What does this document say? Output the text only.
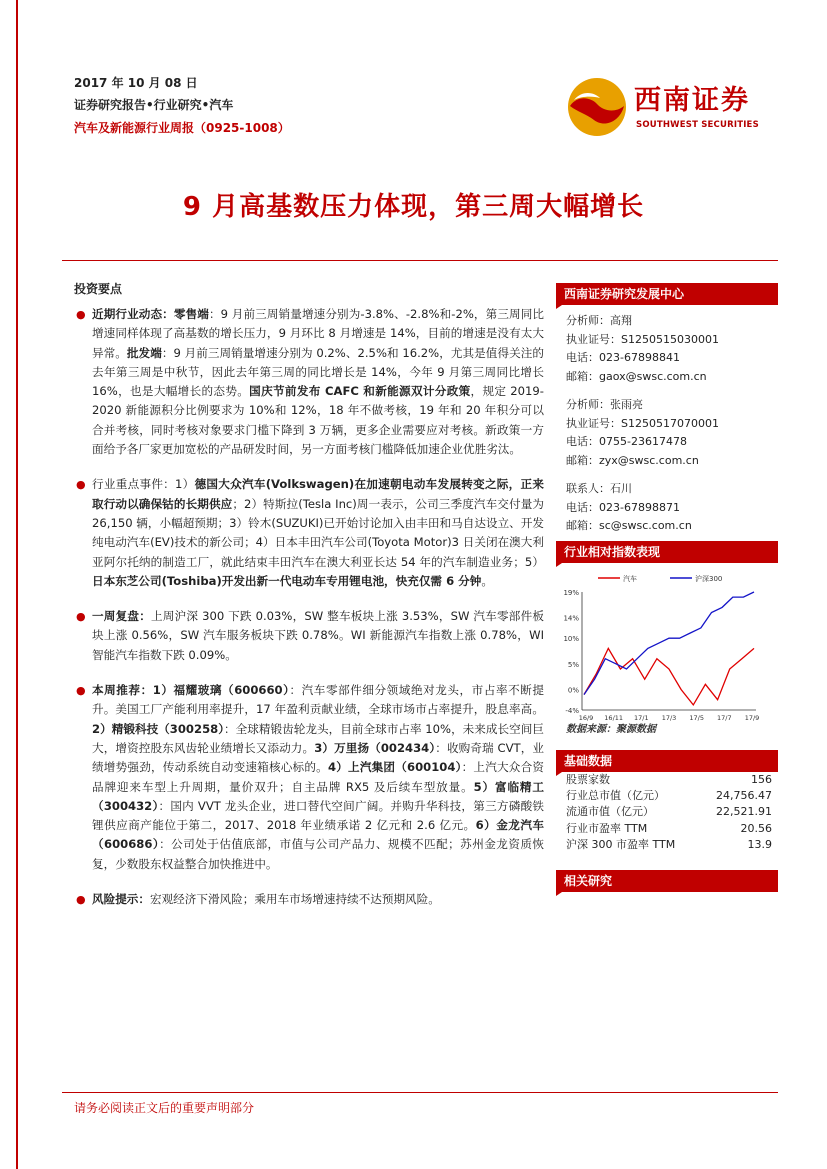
2017 年 10 月 08 日
证券研究报告•行业研究•汽车
汽车及新能源行业周报（0925-1008）
西南证券
SOUTHWEST SECURITIES
9 月高基数压力体现，第三周大幅增长
投资要点
● 近期行业动态：零售端：9 月前三周销量增速分别为-3.8%、-2.8%和-2%，第三周同比增速同样体现了高基数的增长压力，9 月环比 8 月增速是 14%，目前的增速是没有太大异常。批发端：9 月前三周销量增速分别为 0.2%、2.5%和 16.2%，尤其是值得关注的去年第三周是中秋节，因此去年第三周的同比增长是 14%，今年 9 月第三周同比增长 16%，也是大幅增长的态势。国庆节前发布 CAFC 和新能源双计分政策，规定 2019-2020 新能源积分比例要求为 10%和 12%，18 年不做考核，19 年和 20 年积分可以合并考核，同时考核对象要求门槛下降到 3 万辆，更多企业需要应对考核。新政策一方面给予各厂家更加宽松的产品研发时间，另一方面考核门槛降低加速企业优胜劣汰。
● 行业重点事件：1）德国大众汽车(Volkswagen)在加速朝电动车发展转变之际，正来取行动以确保钴的长期供应；2）特斯拉(Tesla Inc)周一表示，公司三季度汽车交付量为 26,150 辆，小幅超预期；3）铃木(SUZUKI)已开始讨论加入由丰田和马自达设立、开发纯电动汽车(EV)技术的新公司；4）日本丰田汽车公司(Toyota Motor)3 日关闭在澳大利亚阿尔托纳的制造工厂，就此结束丰田汽车在澳大利亚长达 54 年的汽车制造业务；5）日本东芝公司(Toshiba)开发出新一代电动车专用锂电池，快充仅需 6 分钟。
● 一周复盘：上周沪深 300 下跌 0.03%，SW 整车板块上涨 3.53%，SW 汽车零部件板块上涨 0.56%，SW 汽车服务板块下跌 0.78%。WI 新能源汽车指数上涨 0.78%，WI 智能汽车指数下跌 0.09%。
● 本周推荐：1）福耀玻璃（600660）：汽车零部件细分领域绝对龙头，市占率不断提升。美国工厂产能利用率提升，17 年盈利贡献业绩，全球市场市占率提升，股息率高。2）精锻科技（300258）：全球精锻齿轮龙头，目前全球市占率 10%，未来成长空间巨大，增资控股东风齿轮业绩增长又添动力。3）万里扬（002434）：收购奇瑞 CVT，业绩增势强劲，传动系统自动变速箱核心标的。4）上汽集团（600104）：上汽大众合资品牌迎来车型上升周期，量价双升；自主品牌 RX5 及后续车型放量。5）富临精工（300432）：国内 VVT 龙头企业，进口替代空间广阔。并购升华科技，第三方磷酸铁锂供应商产能位于第二，2017、2018 年业绩承诺 2 亿元和 2.6 亿元。6）金龙汽车（600686）：公司处于估值底部，市值与公司产品力、规模不匹配；苏州金龙资质恢复，少数股东权益整合加快推进中。
● 风险提示：宏观经济下滑风险；乘用车市场增速持续不达预期风险。
西南证券研究发展中心
分析师：高翔
执业证号：S1250515030001
电话：023-67898841
邮箱：gaox@swsc.com.cn
分析师：张雨亮
执业证号：S1250517070001
电话：0755-23617478
邮箱：zyx@swsc.com.cn
联系人：石川
电话：023-67898871
邮箱：sc@swsc.com.cn
行业相对指数表现
19%
14%
10%
5%
0%
-4%
16/9 16/11 17/1 17/3 17/5 17/7 17/9
汽车	沪深300
数据来源：聚源数据
基础数据
股票家数	156
行业总市值（亿元）	24,756.47
流通市值（亿元）	22,521.91
行业市盈率 TTM	20.56
沪深 300 市盈率 TTM	13.9
相关研究
请务必阅读正文后的重要声明部分
